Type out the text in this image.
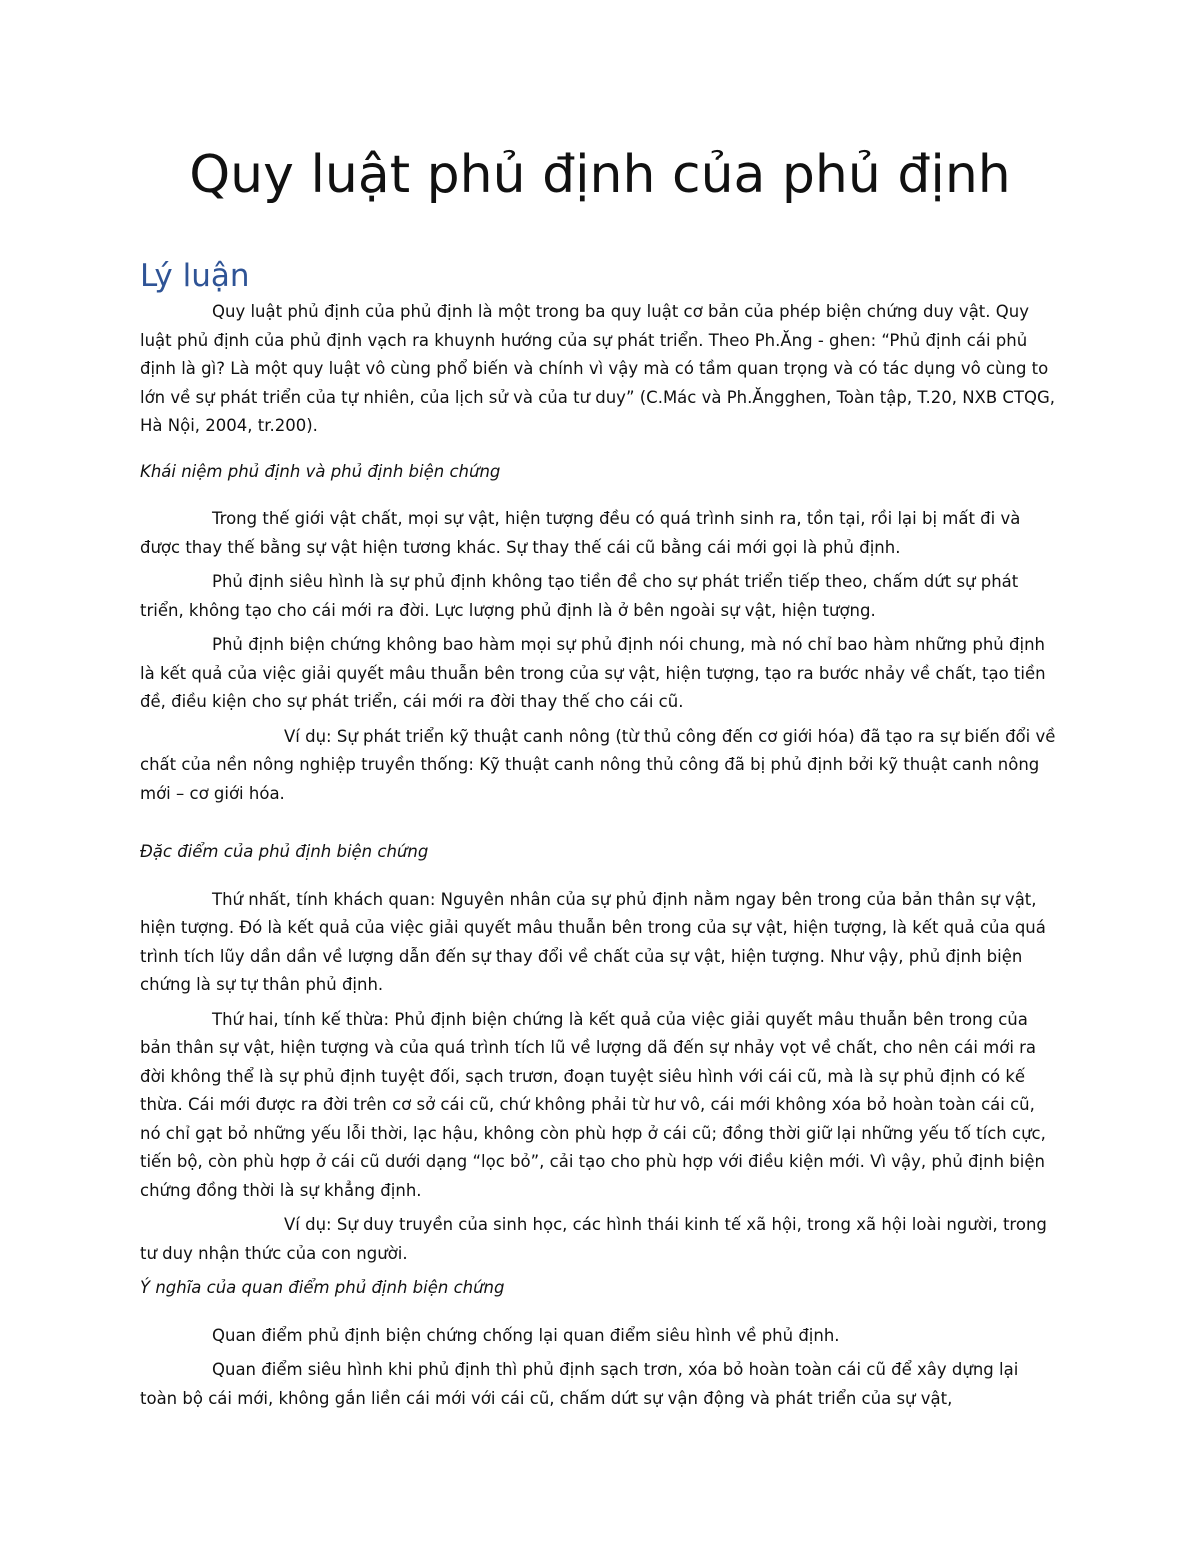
Quy luật phủ định của phủ định
Lý luận

Quy luật phủ định của phủ định là một trong ba quy luật cơ bản của phép biện chứng duy vật. Quy luật phủ định của phủ định vạch ra khuynh hướng của sự phát triển. Theo Ph.Ăng - ghen: “Phủ định cái phủ định là gì? Là một quy luật vô cùng phổ biến và chính vì vậy mà có tầm quan trọng và có tác dụng vô cùng to lớn về sự phát triển của tự nhiên, của lịch sử và của tư duy” (C.Mác và Ph.Ăngghen, Toàn tập, T.20, NXB CTQG, Hà Nội, 2004, tr.200).

Khái niệm phủ định và phủ định biện chứng

Trong thế giới vật chất, mọi sự vật, hiện tượng đều có quá trình sinh ra, tồn tại, rồi lại bị mất đi và được thay thế bằng sự vật hiện tương khác. Sự thay thế cái cũ bằng cái mới gọi là phủ định.

Phủ định siêu hình là sự phủ định không tạo tiền đề cho sự phát triển tiếp theo, chấm dứt sự phát triển, không tạo cho cái mới ra đời. Lực lượng phủ định là ở bên ngoài sự vật, hiện tượng.

Phủ định biện chứng không bao hàm mọi sự phủ định nói chung, mà nó chỉ bao hàm những phủ định là kết quả của việc giải quyết mâu thuẫn bên trong của sự vật, hiện tượng, tạo ra bước nhảy về chất, tạo tiền đề, điều kiện cho sự phát triển, cái mới ra đời thay thế cho cái cũ.

Ví dụ: Sự phát triển kỹ thuật canh nông (từ thủ công đến cơ giới hóa) đã tạo ra sự biến đổi về chất của nền nông nghiệp truyền thống: Kỹ thuật canh nông thủ công đã bị phủ định bởi kỹ thuật canh nông mới – cơ giới hóa.

Đặc điểm của phủ định biện chứng

Thứ nhất, tính khách quan: Nguyên nhân của sự phủ định nằm ngay bên trong của bản thân sự vật, hiện tượng. Đó là kết quả của việc giải quyết mâu thuẫn bên trong của sự vật, hiện tượng, là kết quả của quá trình tích lũy dần dần về lượng dẫn đến sự thay đổi về chất của sự vật, hiện tượng. Như vậy, phủ định biện chứng là sự tự thân phủ định.

Thứ hai, tính kế thừa: Phủ định biện chứng là kết quả của việc giải quyết mâu thuẫn bên trong của bản thân sự vật, hiện tượng và của quá trình tích lũ về lượng dã đến sự nhảy vọt về chất, cho nên cái mới ra đời không thể là sự phủ định tuyệt đối, sạch trươn, đoạn tuyệt siêu hình với cái cũ, mà là sự phủ định có kế thừa. Cái mới được ra đời trên cơ sở cái cũ, chứ không phải từ hư vô, cái mới không xóa bỏ hoàn toàn cái cũ, nó chỉ gạt bỏ những yếu lỗi thời, lạc hậu, không còn phù hợp ở cái cũ; đồng thời giữ lại những yếu tố tích cực, tiến bộ, còn phù hợp ở cái cũ dưới dạng “lọc bỏ”, cải tạo cho phù hợp với điều kiện mới. Vì vậy, phủ định biện chứng đồng thời là sự khẳng định.

Ví dụ: Sự duy truyền của sinh học, các hình thái kinh tế xã hội, trong xã hội loài người, trong tư duy nhận thức của con người.

Ý nghĩa của quan điểm phủ định biện chứng

Quan điểm phủ định biện chứng chống lại quan điểm siêu hình về phủ định.

Quan điểm siêu hình khi phủ định thì phủ định sạch trơn, xóa bỏ hoàn toàn cái cũ để xây dựng lại toàn bộ cái mới, không gắn liền cái mới với cái cũ, chấm dứt sự vận động và phát triển của sự vật,
